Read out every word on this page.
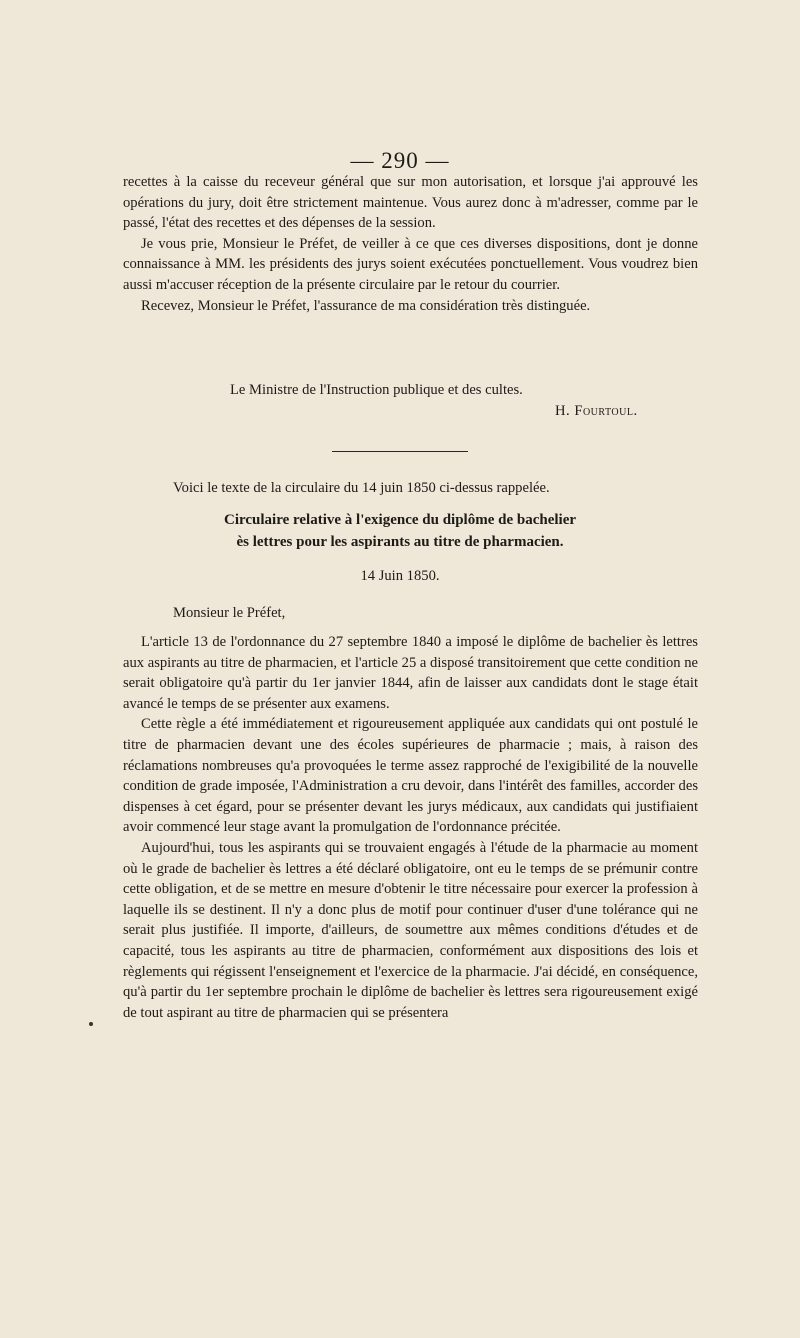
— 290 —

recettes à la caisse du receveur général que sur mon autorisation, et lorsque j'ai approuvé les opérations du jury, doit être strictement maintenue. Vous aurez donc à m'adresser, comme par le passé, l'état des recettes et des dépenses de la session.

Je vous prie, Monsieur le Préfet, de veiller à ce que ces diverses dispositions, dont je donne connaissance à MM. les présidents des jurys soient exécutées ponctuellement. Vous voudrez bien aussi m'accuser réception de la présente circulaire par le retour du courrier.

Recevez, Monsieur le Préfet, l'assurance de ma considération très distinguée.

Le Ministre de l'Instruction publique et des cultes.
H. Fourtoul.
Voici le texte de la circulaire du 14 juin 1850 ci-dessus rappelée.
Circulaire relative à l'exigence du diplôme de bachelier
ès lettres pour les aspirants au titre de pharmacien.
14 Juin 1850.
Monsieur le Préfet,

L'article 13 de l'ordonnance du 27 septembre 1840 a imposé le diplôme de bachelier ès lettres aux aspirants au titre de pharmacien, et l'article 25 a disposé transitoirement que cette condition ne serait obligatoire qu'à partir du 1er janvier 1844, afin de laisser aux candidats dont le stage était avancé le temps de se présenter aux examens.

Cette règle a été immédiatement et rigoureusement appliquée aux candidats qui ont postulé le titre de pharmacien devant une des écoles supérieures de pharmacie ; mais, à raison des réclamations nombreuses qu'a provoquées le terme assez rapproché de l'exigibilité de la nouvelle condition de grade imposée, l'Administration a cru devoir, dans l'intérêt des familles, accorder des dispenses à cet égard, pour se présenter devant les jurys médicaux, aux candidats qui justifiaient avoir commencé leur stage avant la promulgation de l'ordonnance précitée.

Aujourd'hui, tous les aspirants qui se trouvaient engagés à l'étude de la pharmacie au moment où le grade de bachelier ès lettres a été déclaré obligatoire, ont eu le temps de se prémunir contre cette obligation, et de se mettre en mesure d'obtenir le titre nécessaire pour exercer la profession à laquelle ils se destinent. Il n'y a donc plus de motif pour continuer d'user d'une tolérance qui ne serait plus justifiée. Il importe, d'ailleurs, de soumettre aux mêmes conditions d'études et de capacité, tous les aspirants au titre de pharmacien, conformément aux dispositions des lois et règlements qui régissent l'enseignement et l'exercice de la pharmacie. J'ai décidé, en conséquence, qu'à partir du 1er septembre prochain le diplôme de bachelier ès lettres sera rigoureusement exigé de tout aspirant au titre de pharmacien qui se présentera
